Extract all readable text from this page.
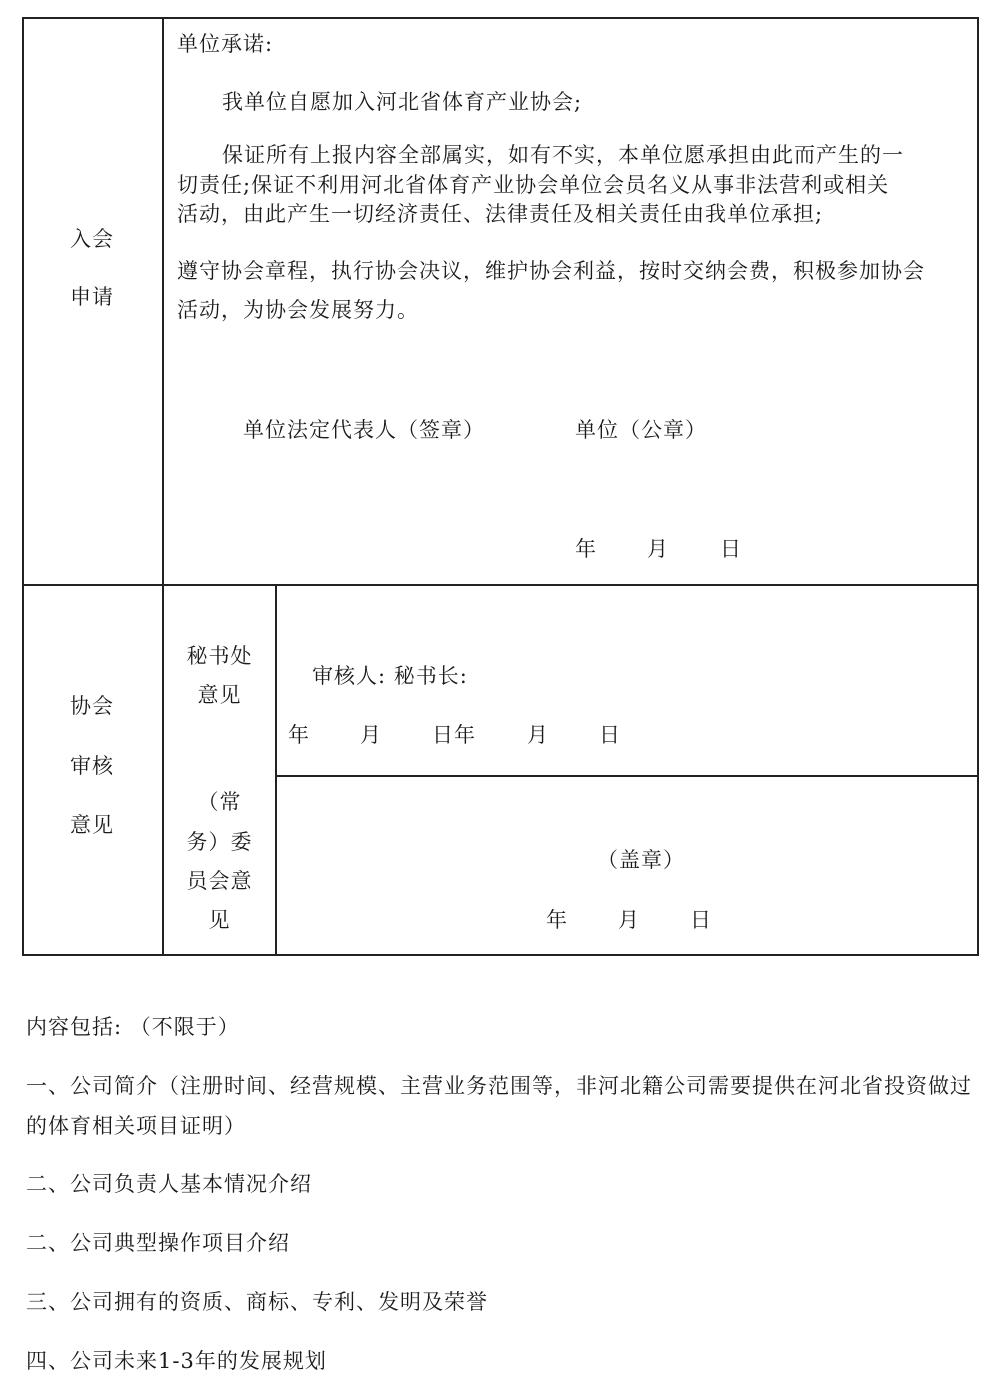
入会
申请
单位承诺:
我单位自愿加入河北省体育产业协会;
保证所有上报内容全部属实，如有不实，本单位愿承担由此而产生的一
切责任;保证不利用河北省体育产业协会单位会员名义从事非法营利或相关
活动，由此产生一切经济责任、法律责任及相关责任由我单位承担;
遵守协会章程，执行协会决议，维护协会利益，按时交纳会费，积极参加协会
活动，为协会发展努力。
单位法定代表人（签章）	单位（公章）
年 月 日
协会
审核
意见
秘书处
意见
审核人: 秘书长:
年 月 日年 月 日
（常
务）委
员会意
见
（盖章）
年 月 日
内容包括: （不限于）
一、公司简介（注册时间、经营规模、主营业务范围等，非河北籍公司需要提供在河北省投资做过的体育相关项目证明）
二、公司负责人基本情况介绍
二、公司典型操作项目介绍
三、公司拥有的资质、商标、专利、发明及荣誉
四、公司未来1-3年的发展规划
